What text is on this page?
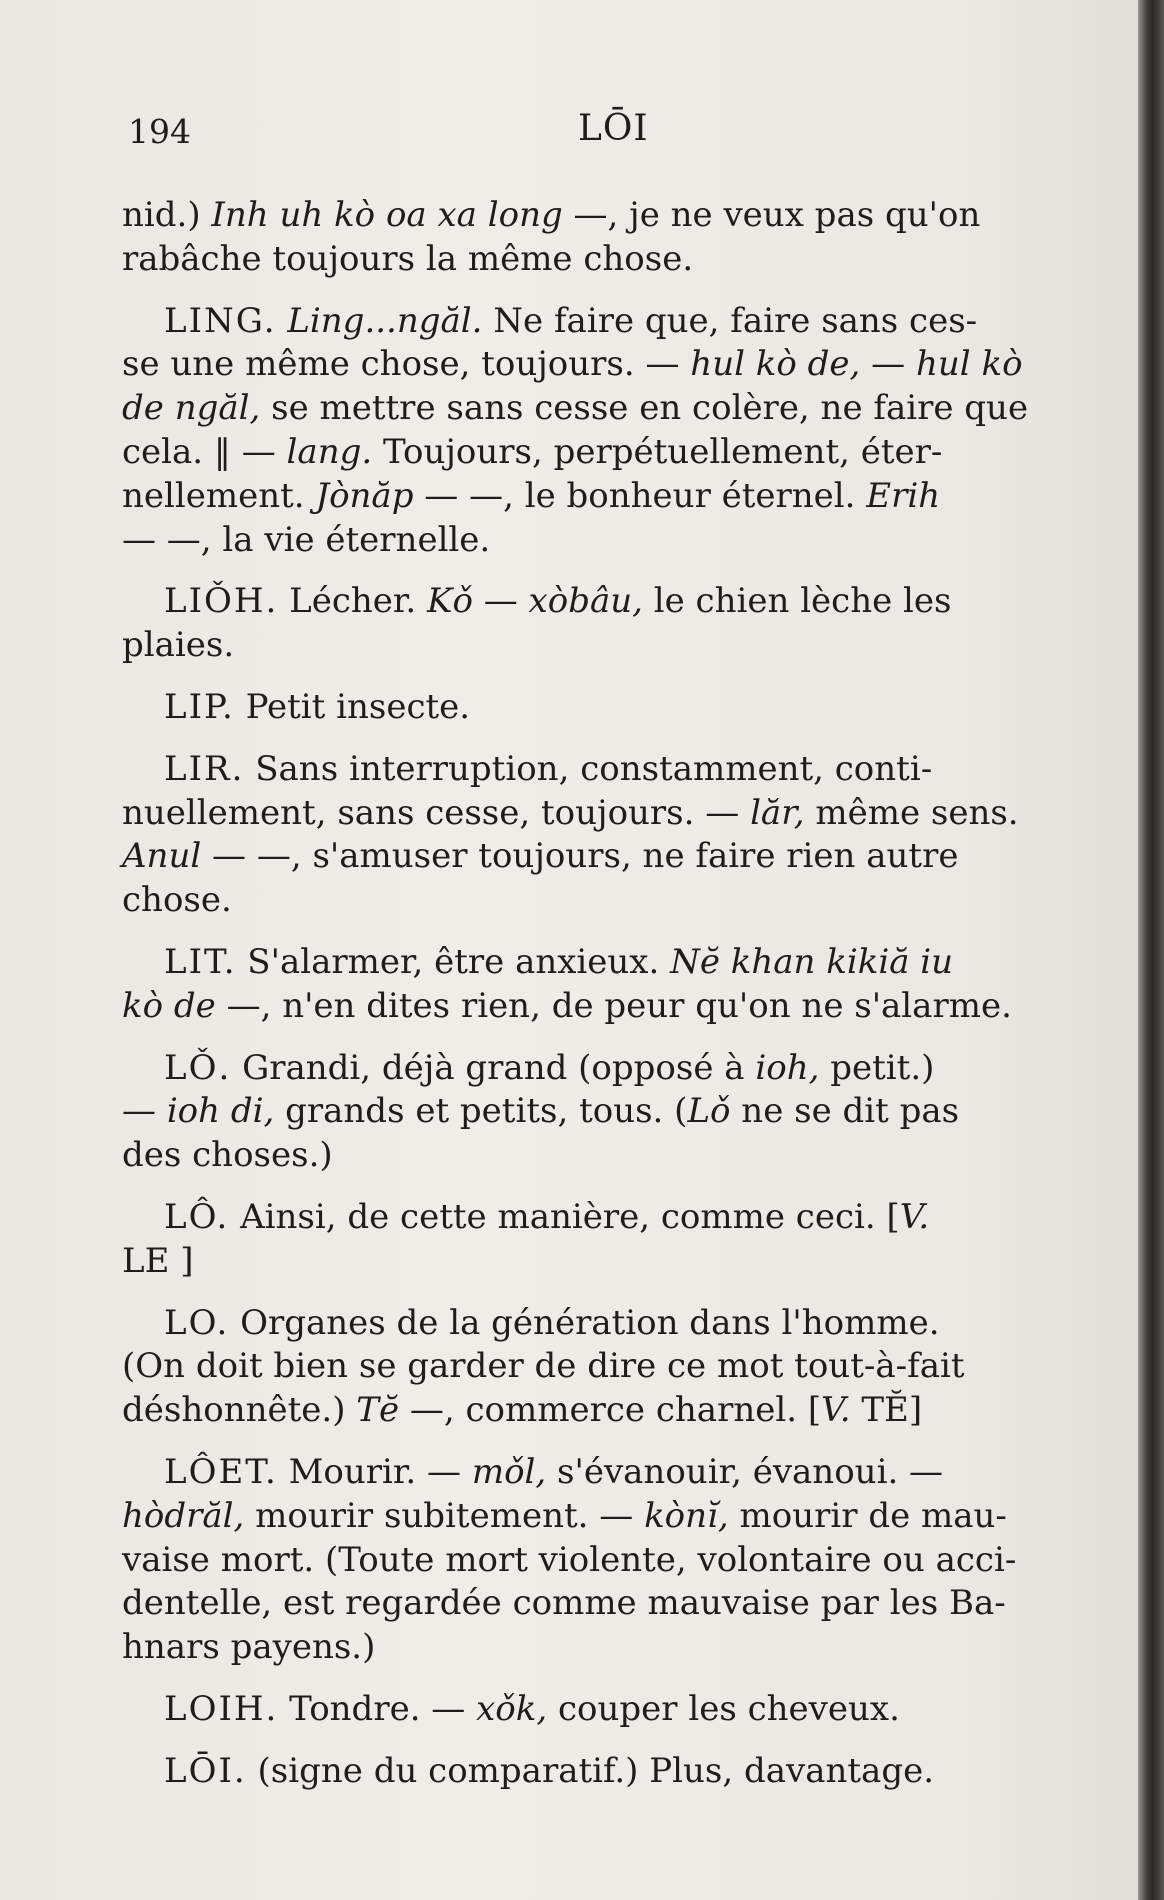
194	LŌI
nid.) Inh uh kò oa xa long —, je ne veux pas qu'on
rabâche toujours la même chose.
LING. Ling...ngăl. Ne faire que, faire sans ces-
se une même chose, toujours. — hul kò de, — hul kò
de ngăl, se mettre sans cesse en colère, ne faire que
cela. ‖ — lang. Toujours, perpétuellement, éter-
nellement. Jònăp — —, le bonheur éternel. Erih
— —, la vie éternelle.
LIǑH. Lécher. Kǒ — xòbâu, le chien lèche les
plaies.
LIP. Petit insecte.
LIR. Sans interruption, constamment, conti-
nuellement, sans cesse, toujours. — lăr, même sens.
Anul — —, s'amuser toujours, ne faire rien autre
chose.
LIT. S'alarmer, être anxieux. Nĕ khan kikiă iu
kò de —, n'en dites rien, de peur qu'on ne s'alarme.
LǑ. Grandi, déjà grand (opposé à ioh, petit.)
— ioh di, grands et petits, tous. (Lǒ ne se dit pas
des choses.)
LÔ. Ainsi, de cette manière, comme ceci. [V.
LE ]
LO. Organes de la génération dans l'homme.
(On doit bien se garder de dire ce mot tout-à-fait
déshonnête.) Tĕ —, commerce charnel. [V. TĔ]
LÔET. Mourir. — mǒl, s'évanouir, évanoui. —
hòdrăl, mourir subitement. — kònĭ, mourir de mau-
vaise mort. (Toute mort violente, volontaire ou acci-
dentelle, est regardée comme mauvaise par les Ba-
hnars payens.)
LOIH. Tondre. — xǒk, couper les cheveux.
LŌI. (signe du comparatif.) Plus, davantage.
